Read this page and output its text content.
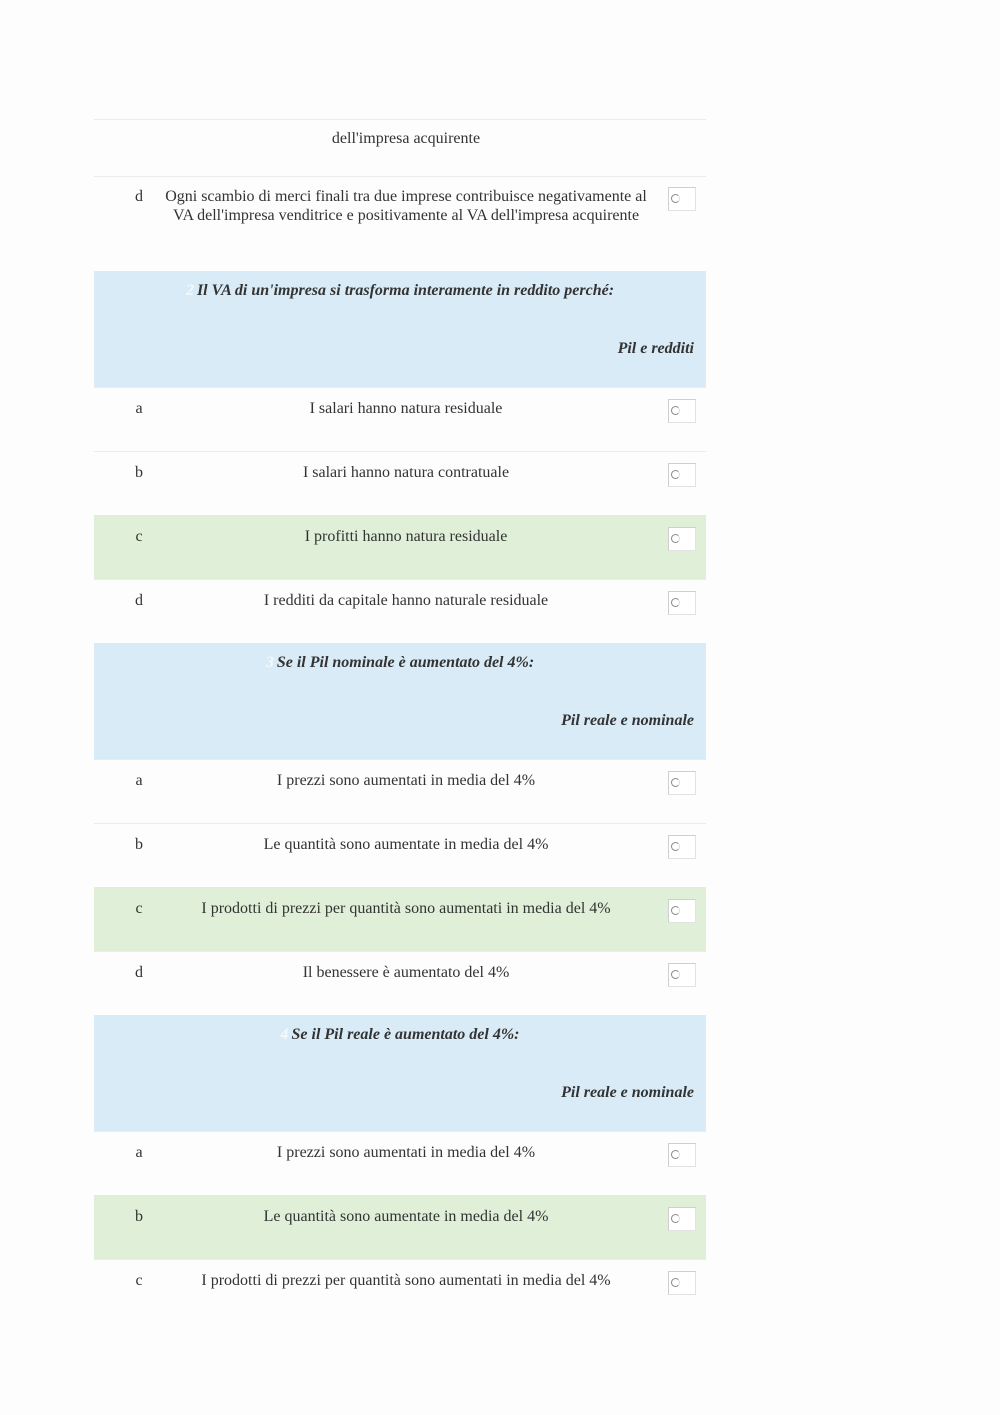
dell'impresa acquirente
d	Ogni scambio di merci finali tra due imprese contribuisce negativamente al VA dell'impresa venditrice e positivamente al VA dell'impresa acquirente
2 Il VA di un'impresa si trasforma interamente in reddito perché:
Pil e redditi
a	I salari hanno natura residuale
b	I salari hanno natura contratuale
c	I profitti hanno natura residuale
d	I redditi da capitale hanno naturale residuale
3 Se il Pil nominale è aumentato del 4%:
Pil reale e nominale
a	I prezzi sono aumentati in media del 4%
b	Le quantità sono aumentate in media del 4%
c	I prodotti di prezzi per quantità sono aumentati in media del 4%
d	Il benessere è aumentato del 4%
4 Se il Pil reale è aumentato del 4%:
Pil reale e nominale
a	I prezzi sono aumentati in media del 4%
b	Le quantità sono aumentate in media del 4%
c	I prodotti di prezzi per quantità sono aumentati in media del 4%
